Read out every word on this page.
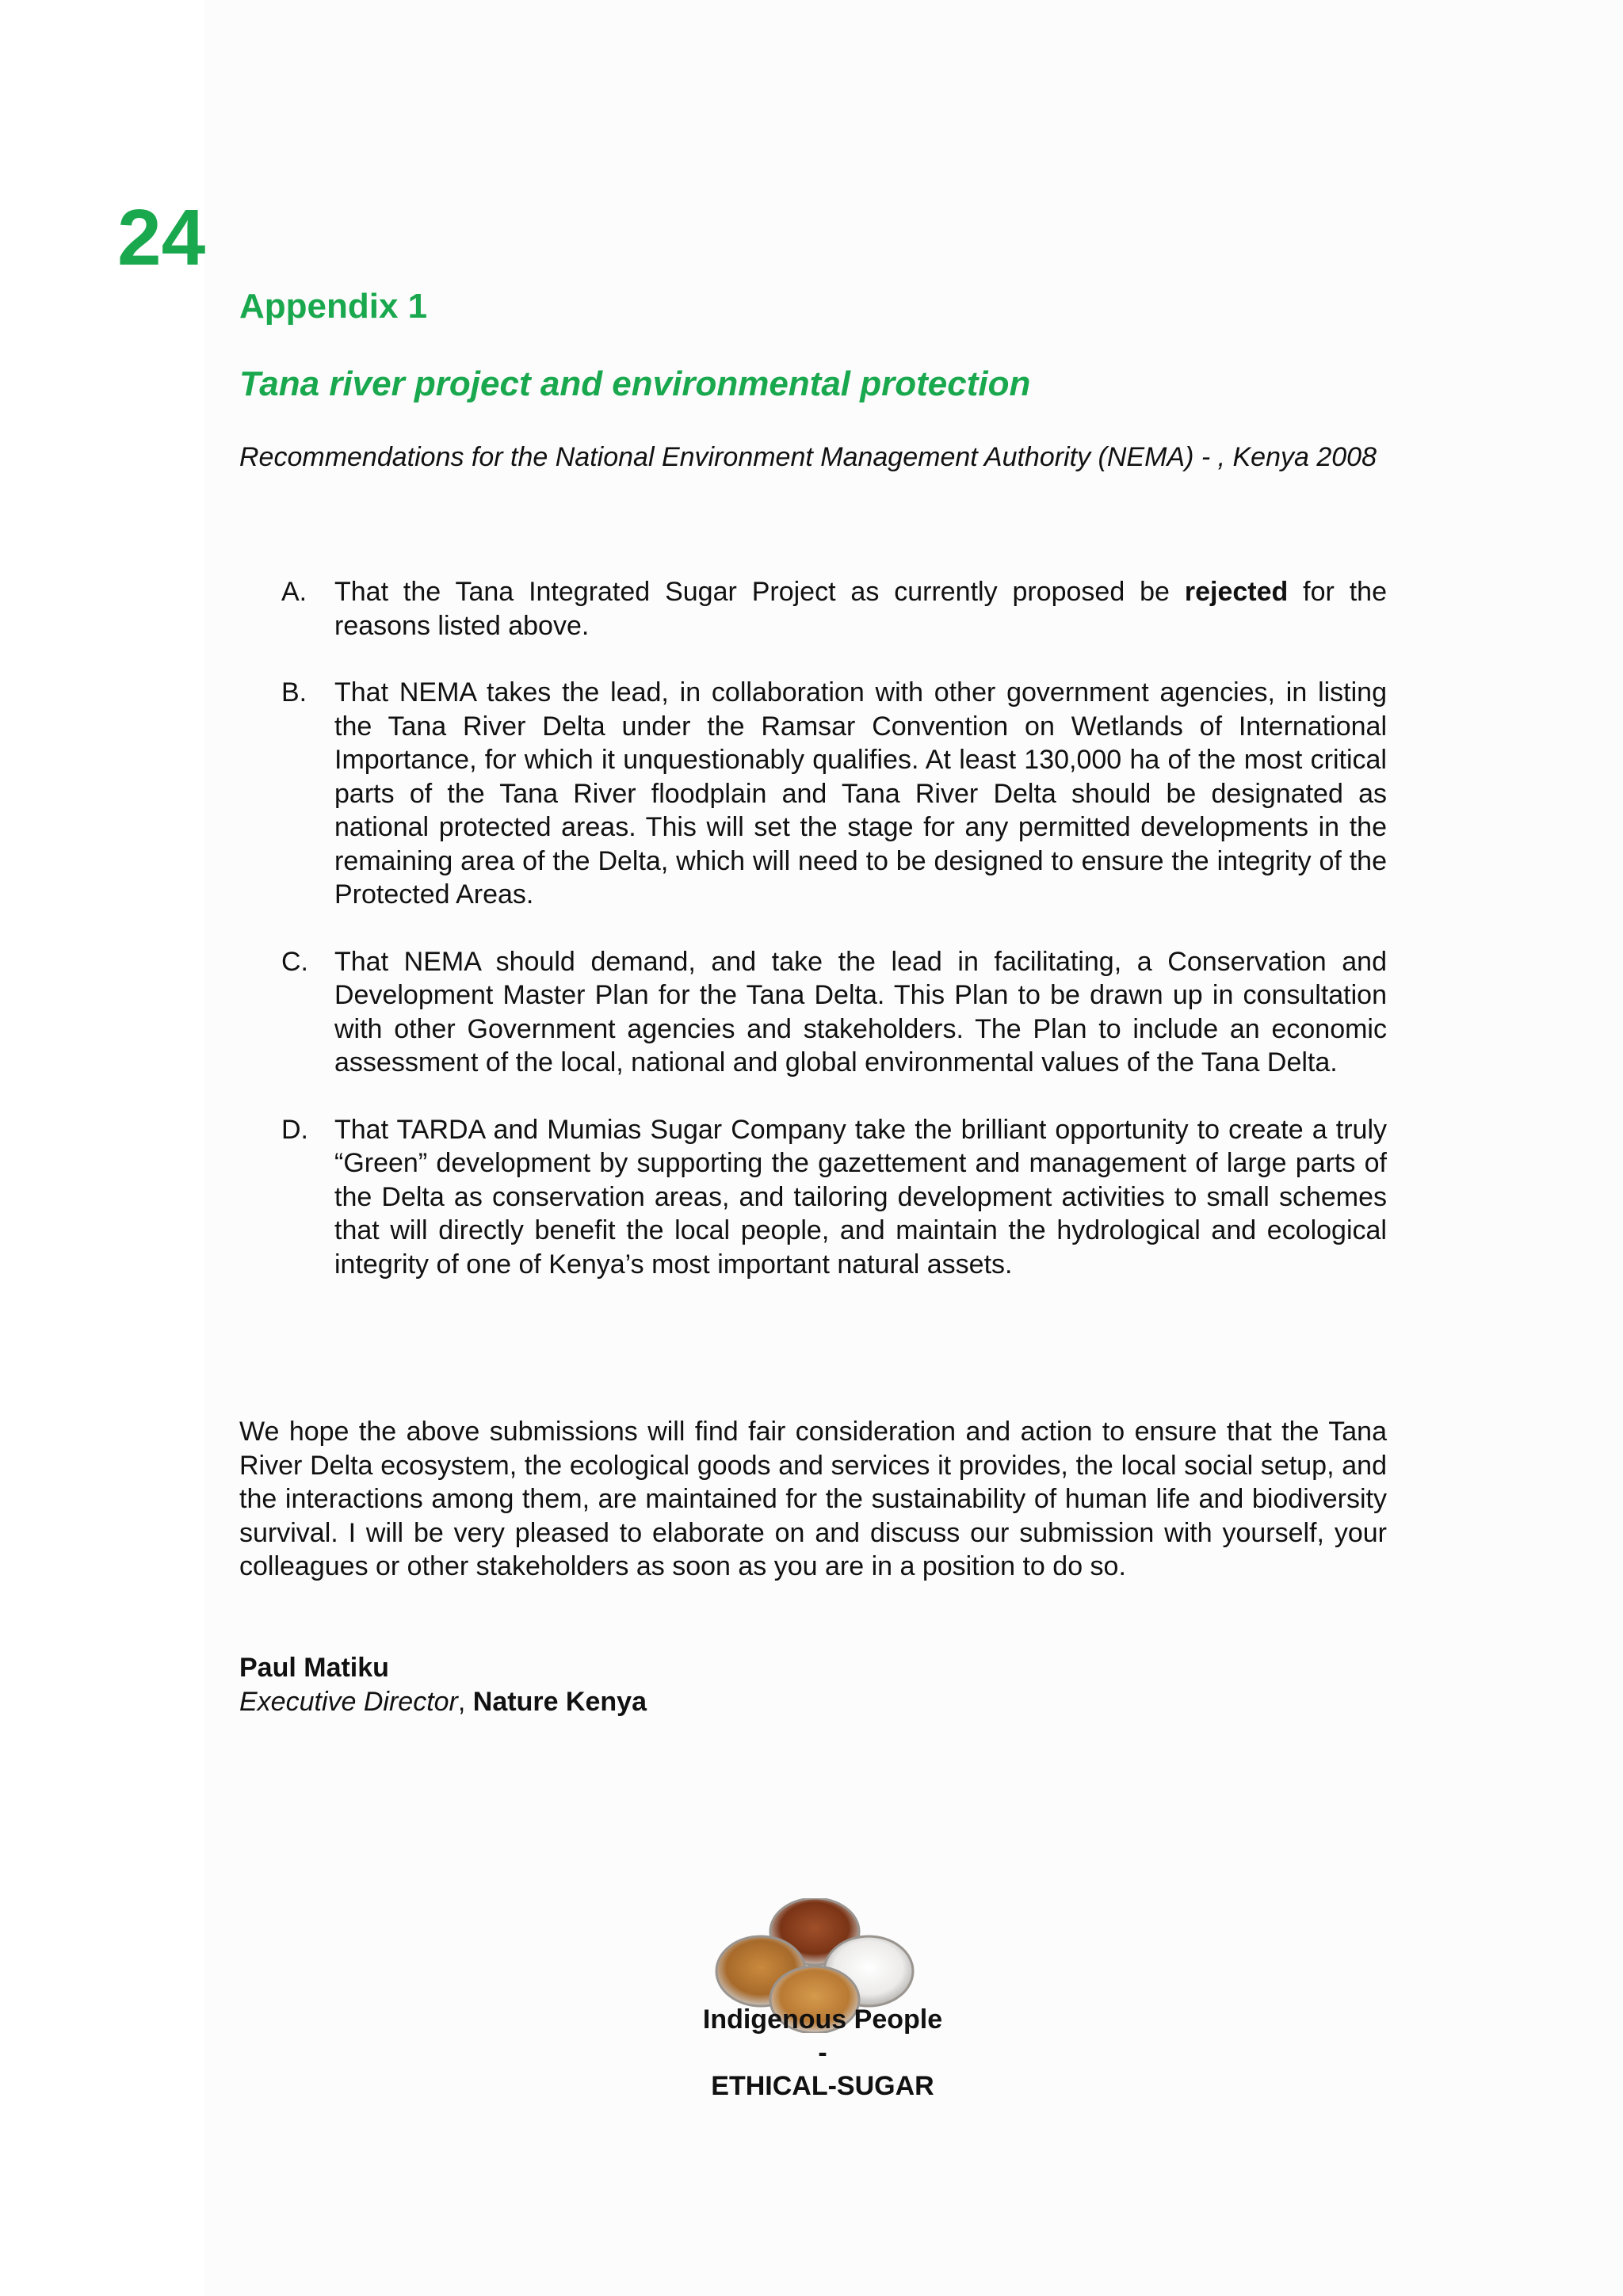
24
Appendix 1
Tana river project and environmental protection

Recommendations for the National Environment Management Authority (NEMA) - , Kenya 2008

A. That the Tana Integrated Sugar Project as currently proposed be rejected for the reasons listed above.
B. That NEMA takes the lead, in collaboration with other government agencies, in listing the Tana River Delta under the Ramsar Convention on Wetlands of International Importance, for which it unquestionably qualifies. At least 130,000 ha of the most critical parts of the Tana River floodplain and Tana River Delta should be designated as national protected areas. This will set the stage for any permitted developments in the remaining area of the Delta, which will need to be designed to ensure the integrity of the Protected Areas.
C. That NEMA should demand, and take the lead in facilitating, a Conservation and Development Master Plan for the Tana Delta. This Plan to be drawn up in consultation with other Government agencies and stakeholders. The Plan to include an economic assessment of the local, national and global environmental values of the Tana Delta.
D. That TARDA and Mumias Sugar Company take the brilliant opportunity to create a truly “Green” development by supporting the gazettement and management of large parts of the Delta as conservation areas, and tailoring development activities to small schemes that will directly benefit the local people, and maintain the hydrological and ecological integrity of one of Kenya’s most important natural assets.

We hope the above submissions will find fair consideration and action to ensure that the Tana River Delta ecosystem, the ecological goods and services it provides, the local social setup, and the interactions among them, are maintained for the sustainability of human life and biodiversity survival. I will be very pleased to elaborate on and discuss our submission with yourself, your colleagues or other stakeholders as soon as you are in a position to do so.

Paul Matiku
Executive Director, Nature Kenya
Indigenous People
-
ETHICAL-SUGAR
